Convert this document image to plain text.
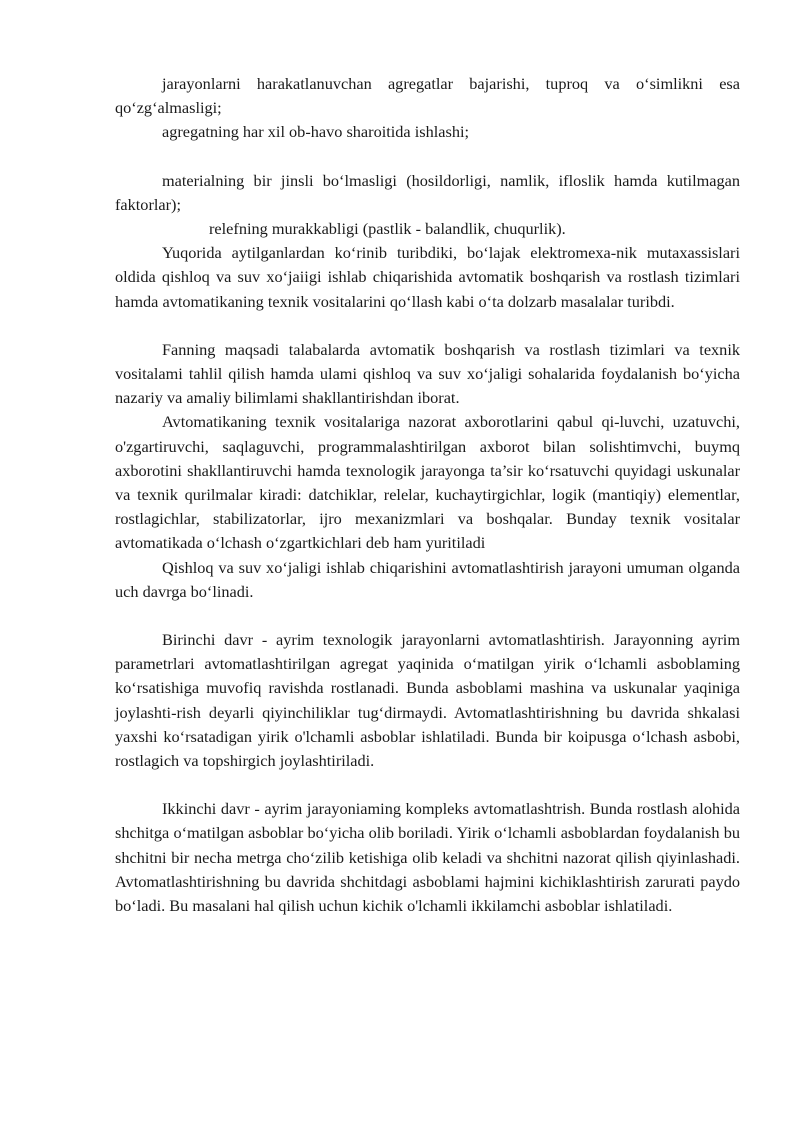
jarayonlarni harakatlanuvchan agregatlar bajarishi, tuproq va o‘simlikni esa qo‘zg‘almasligi;

agregatning har xil ob-havo sharoitida ishlashi;

materialning bir jinsli bo‘lmasligi (hosildorligi, namlik, ifloslik hamda kutilmagan faktorlar);

relefning murakkabligi (pastlik - balandlik, chuqurlik).

Yuqorida aytilganlardan ko‘rinib turibdiki, bo‘lajak elektromexa-nik mutaxassislari oldida qishloq va suv xo‘jaiigi ishlab chiqarishida avtomatik boshqarish va rostlash tizimlari hamda avtomatikaning texnik vositalarini qo‘llash kabi o‘ta dolzarb masalalar turibdi.

Fanning maqsadi talabalarda avtomatik boshqarish va rostlash tizimlari va texnik vositalami tahlil qilish hamda ulami qishloq va suv xo‘jaligi sohalarida foydalanish bo‘yicha nazariy va amaliy bilimlami shakllantirishdan iborat.

Avtomatikaning texnik vositalariga nazorat axborotlarini qabul qi-luvchi, uzatuvchi, o'zgartiruvchi, saqlaguvchi, programmalashtirilgan axborot bilan solishtimvchi, buymq axborotini shakllantiruvchi hamda texnologik jarayonga ta’sir ko‘rsatuvchi quyidagi uskunalar va texnik qurilmalar kiradi: datchiklar, relelar, kuchaytirgichlar, logik (mantiqiy) elementlar, rostlagichlar, stabilizatorlar, ijro mexanizmlari va boshqalar. Bunday texnik vositalar avtomatikada o‘lchash o‘zgartkichlari deb ham yuritiladi

Qishloq va suv xo‘jaligi ishlab chiqarishini avtomatlashtirish jarayoni umuman olganda uch davrga bo‘linadi.

Birinchi davr - ayrim texnologik jarayonlarni avtomatlashtirish. Jarayonning ayrim parametrlari avtomatlashtirilgan agregat yaqinida o‘matilgan yirik o‘lchamli asboblaming ko‘rsatishiga muvofiq ravishda rostlanadi. Bunda asboblami mashina va uskunalar yaqiniga joylashti-rish deyarli qiyinchiliklar tug‘dirmaydi. Avtomatlashtirishning bu davrida shkalasi yaxshi ko‘rsatadigan yirik o'lchamli asboblar ishlatiladi. Bunda bir koipusga o‘lchash asbobi, rostlagich va topshirgich joylashtiriladi.

Ikkinchi davr - ayrim jarayoniaming kompleks avtomatlashtrish. Bunda rostlash alohida shchitga o‘matilgan asboblar bo‘yicha olib boriladi. Yirik o‘lchamli asboblardan foydalanish bu shchitni bir necha metrga cho‘zilib ketishiga olib keladi va shchitni nazorat qilish qiyinlashadi. Avtomatlashtirishning bu davrida shchitdagi asboblami hajmini kichiklashtirish zarurati paydo bo‘ladi. Bu masalani hal qilish uchun kichik o'lchamli ikkilamchi asboblar ishlatiladi.
